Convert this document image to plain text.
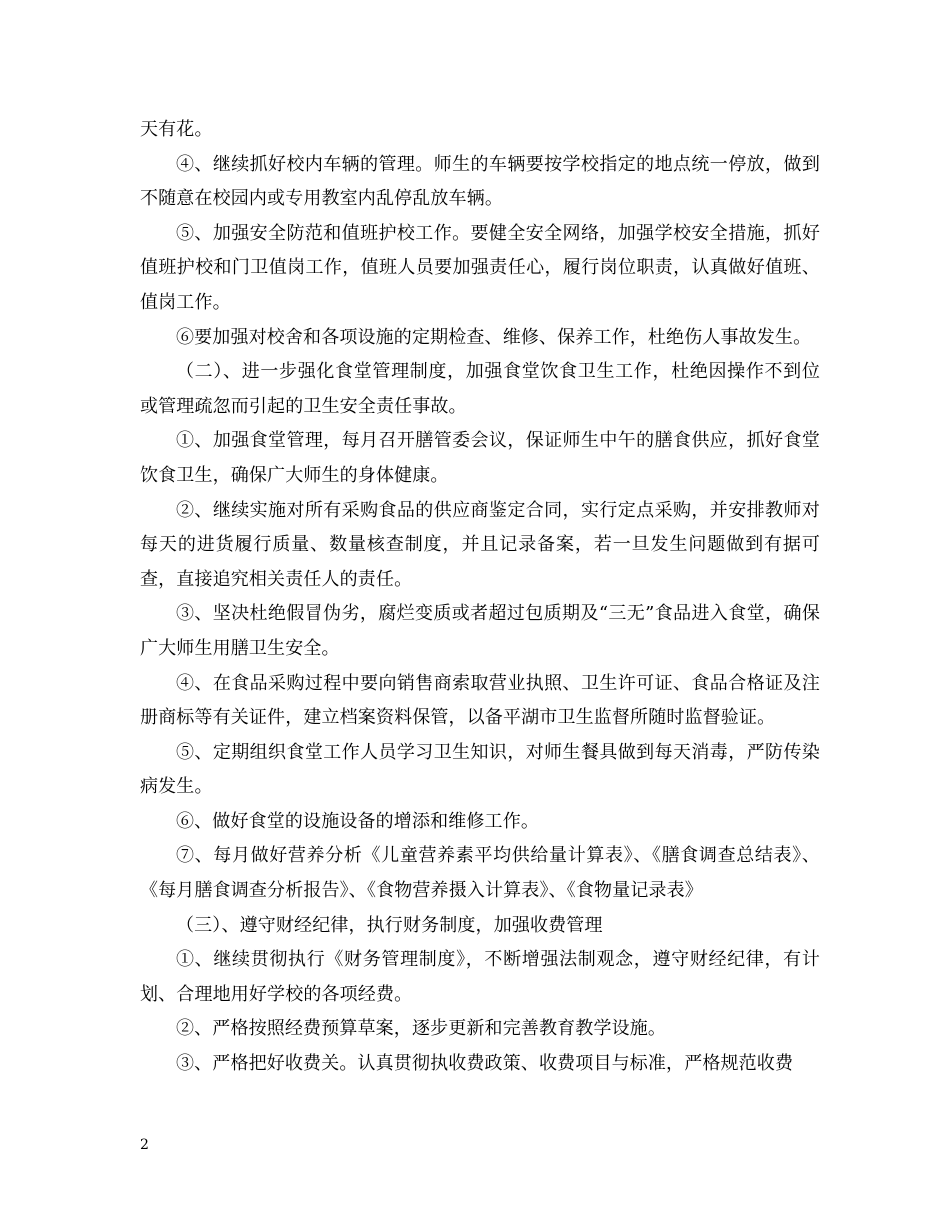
天有花。

④、继续抓好校内车辆的管理。师生的车辆要按学校指定的地点统一停放，做到不随意在校园内或专用教室内乱停乱放车辆。

⑤、加强安全防范和值班护校工作。要健全安全网络，加强学校安全措施，抓好值班护校和门卫值岗工作，值班人员要加强责任心，履行岗位职责，认真做好值班、值岗工作。

⑥要加强对校舍和各项设施的定期检查、维修、保养工作，杜绝伤人事故发生。

（二）、进一步强化食堂管理制度，加强食堂饮食卫生工作，杜绝因操作不到位或管理疏忽而引起的卫生安全责任事故。

①、加强食堂管理，每月召开膳管委会议，保证师生中午的膳食供应，抓好食堂饮食卫生，确保广大师生的身体健康。

②、继续实施对所有采购食品的供应商鉴定合同，实行定点采购，并安排教师对每天的进货履行质量、数量核查制度，并且记录备案，若一旦发生问题做到有据可查，直接追究相关责任人的责任。

③、坚决杜绝假冒伪劣，腐烂变质或者超过包质期及“三无”食品进入食堂，确保广大师生用膳卫生安全。

④、在食品采购过程中要向销售商索取营业执照、卫生许可证、食品合格证及注册商标等有关证件，建立档案资料保管，以备平湖市卫生监督所随时监督验证。

⑤、定期组织食堂工作人员学习卫生知识，对师生餐具做到每天消毒，严防传染病发生。

⑥、做好食堂的设施设备的增添和维修工作。

⑦、每月做好营养分析《儿童营养素平均供给量计算表》、《膳食调查总结表》、《每月膳食调查分析报告》、《食物营养摄入计算表》、《食物量记录表》

（三）、遵守财经纪律，执行财务制度，加强收费管理

①、继续贯彻执行《财务管理制度》，不断增强法制观念，遵守财经纪律，有计划、合理地用好学校的各项经费。

②、严格按照经费预算草案，逐步更新和完善教育教学设施。

③、严格把好收费关。认真贯彻执收费政策、收费项目与标准，严格规范收费

2
